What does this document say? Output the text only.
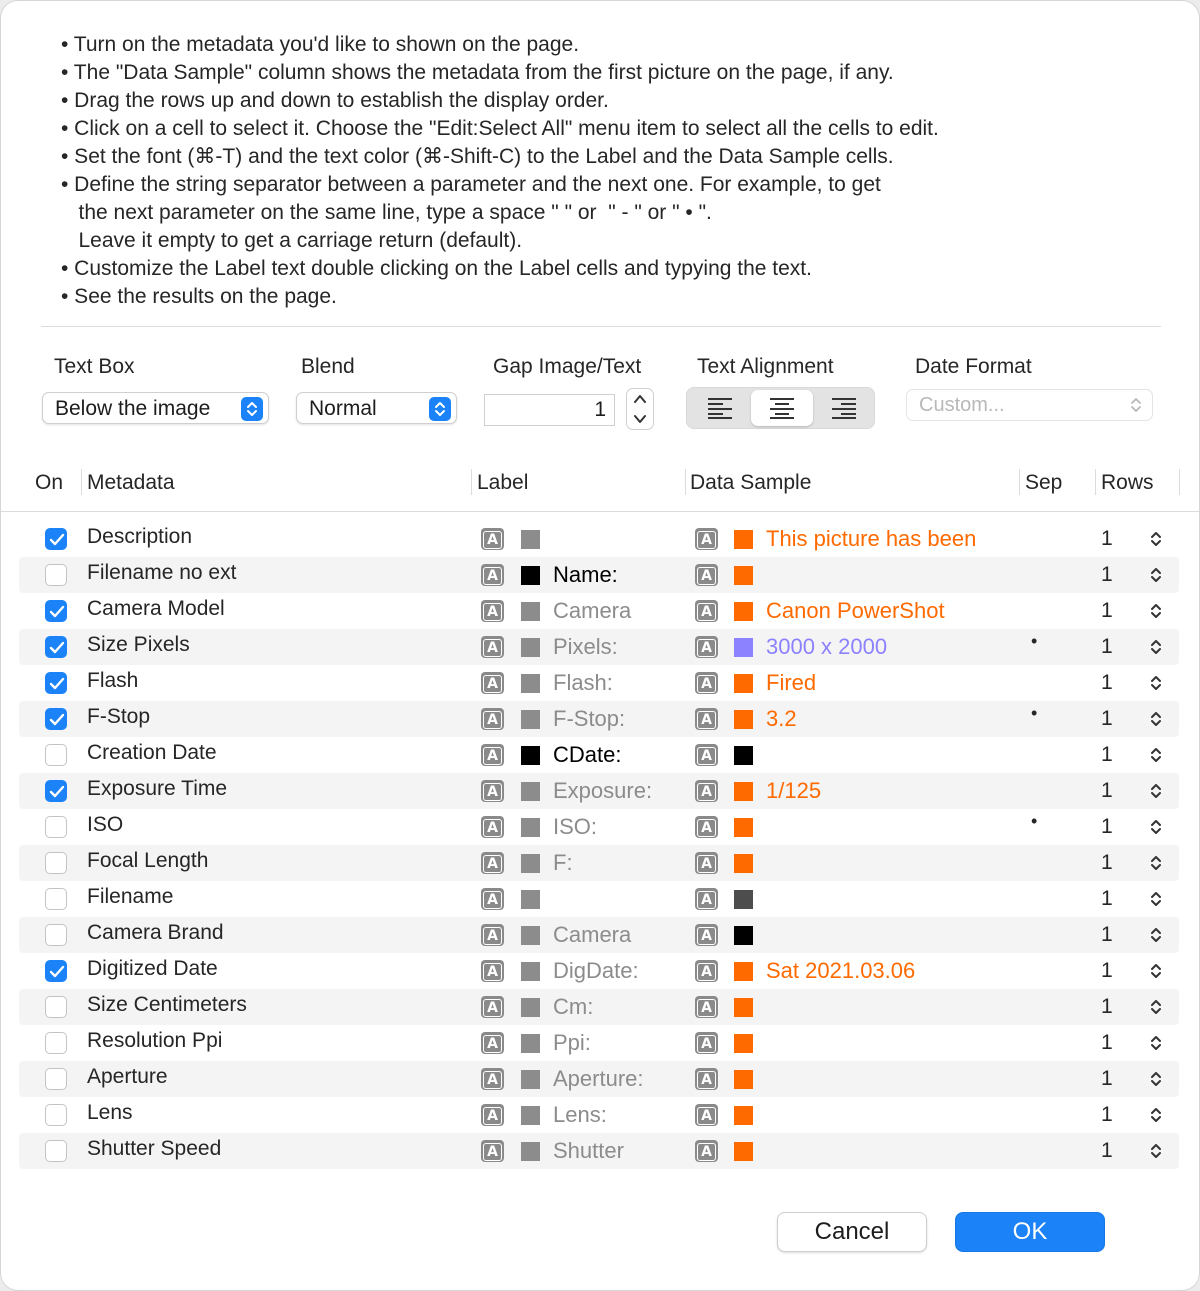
• Turn on the metadata you'd like to shown on the page.
• The "Data Sample" column shows the metadata from the first picture on the page, if any.
• Drag the rows up and down to establish the display order.
• Click on a cell to select it. Choose the "Edit:Select All" menu item to select all the cells to edit.
• Set the font (⌘-T) and the text color (⌘-Shift-C) to the Label and the Data Sample cells.
• Define the string separator between a parameter and the next one. For example, to get
the next parameter on the same line, type a space " " or  " - " or " • ".
Leave it empty to get a carriage return (default).
• Customize the Label text double clicking on the Label cells and typying the text.
• See the results on the page.
Text Box
Below the image
Blend
Normal
Gap Image/Text
1
Text Alignment	Date Format
Custom...
On Metadata	Label	Data Sample	Sep Rows
Description	A	A This picture has been	1
Filename no ext	A	Name:	A	1
Camera Model	A	Camera	A Canon PowerShot	1
Size Pixels	A	Pixels:	A 3000 x 2000	•	1
Flash	A	Flash:	A Fired	1
F-Stop	A	F-Stop:	A 3.2	•	1
Creation Date	A	CDate:	A	1
Exposure Time	A	Exposure:	A 1/125	1
ISO	A	ISO:	A	•	1
Focal Length	A	F:	A	1
Filename	A	A	1
Camera Brand	A	Camera	A	1
Digitized Date	A	DigDate:	A Sat 2021.03.06	1
Size Centimeters	A	Cm:	A	1
Resolution Ppi	A	Ppi:	A	1
Aperture	A	Aperture:	A	1
Lens	A	Lens:	A	1
Shutter Speed	A	Shutter	A	1
Cancel	OK
